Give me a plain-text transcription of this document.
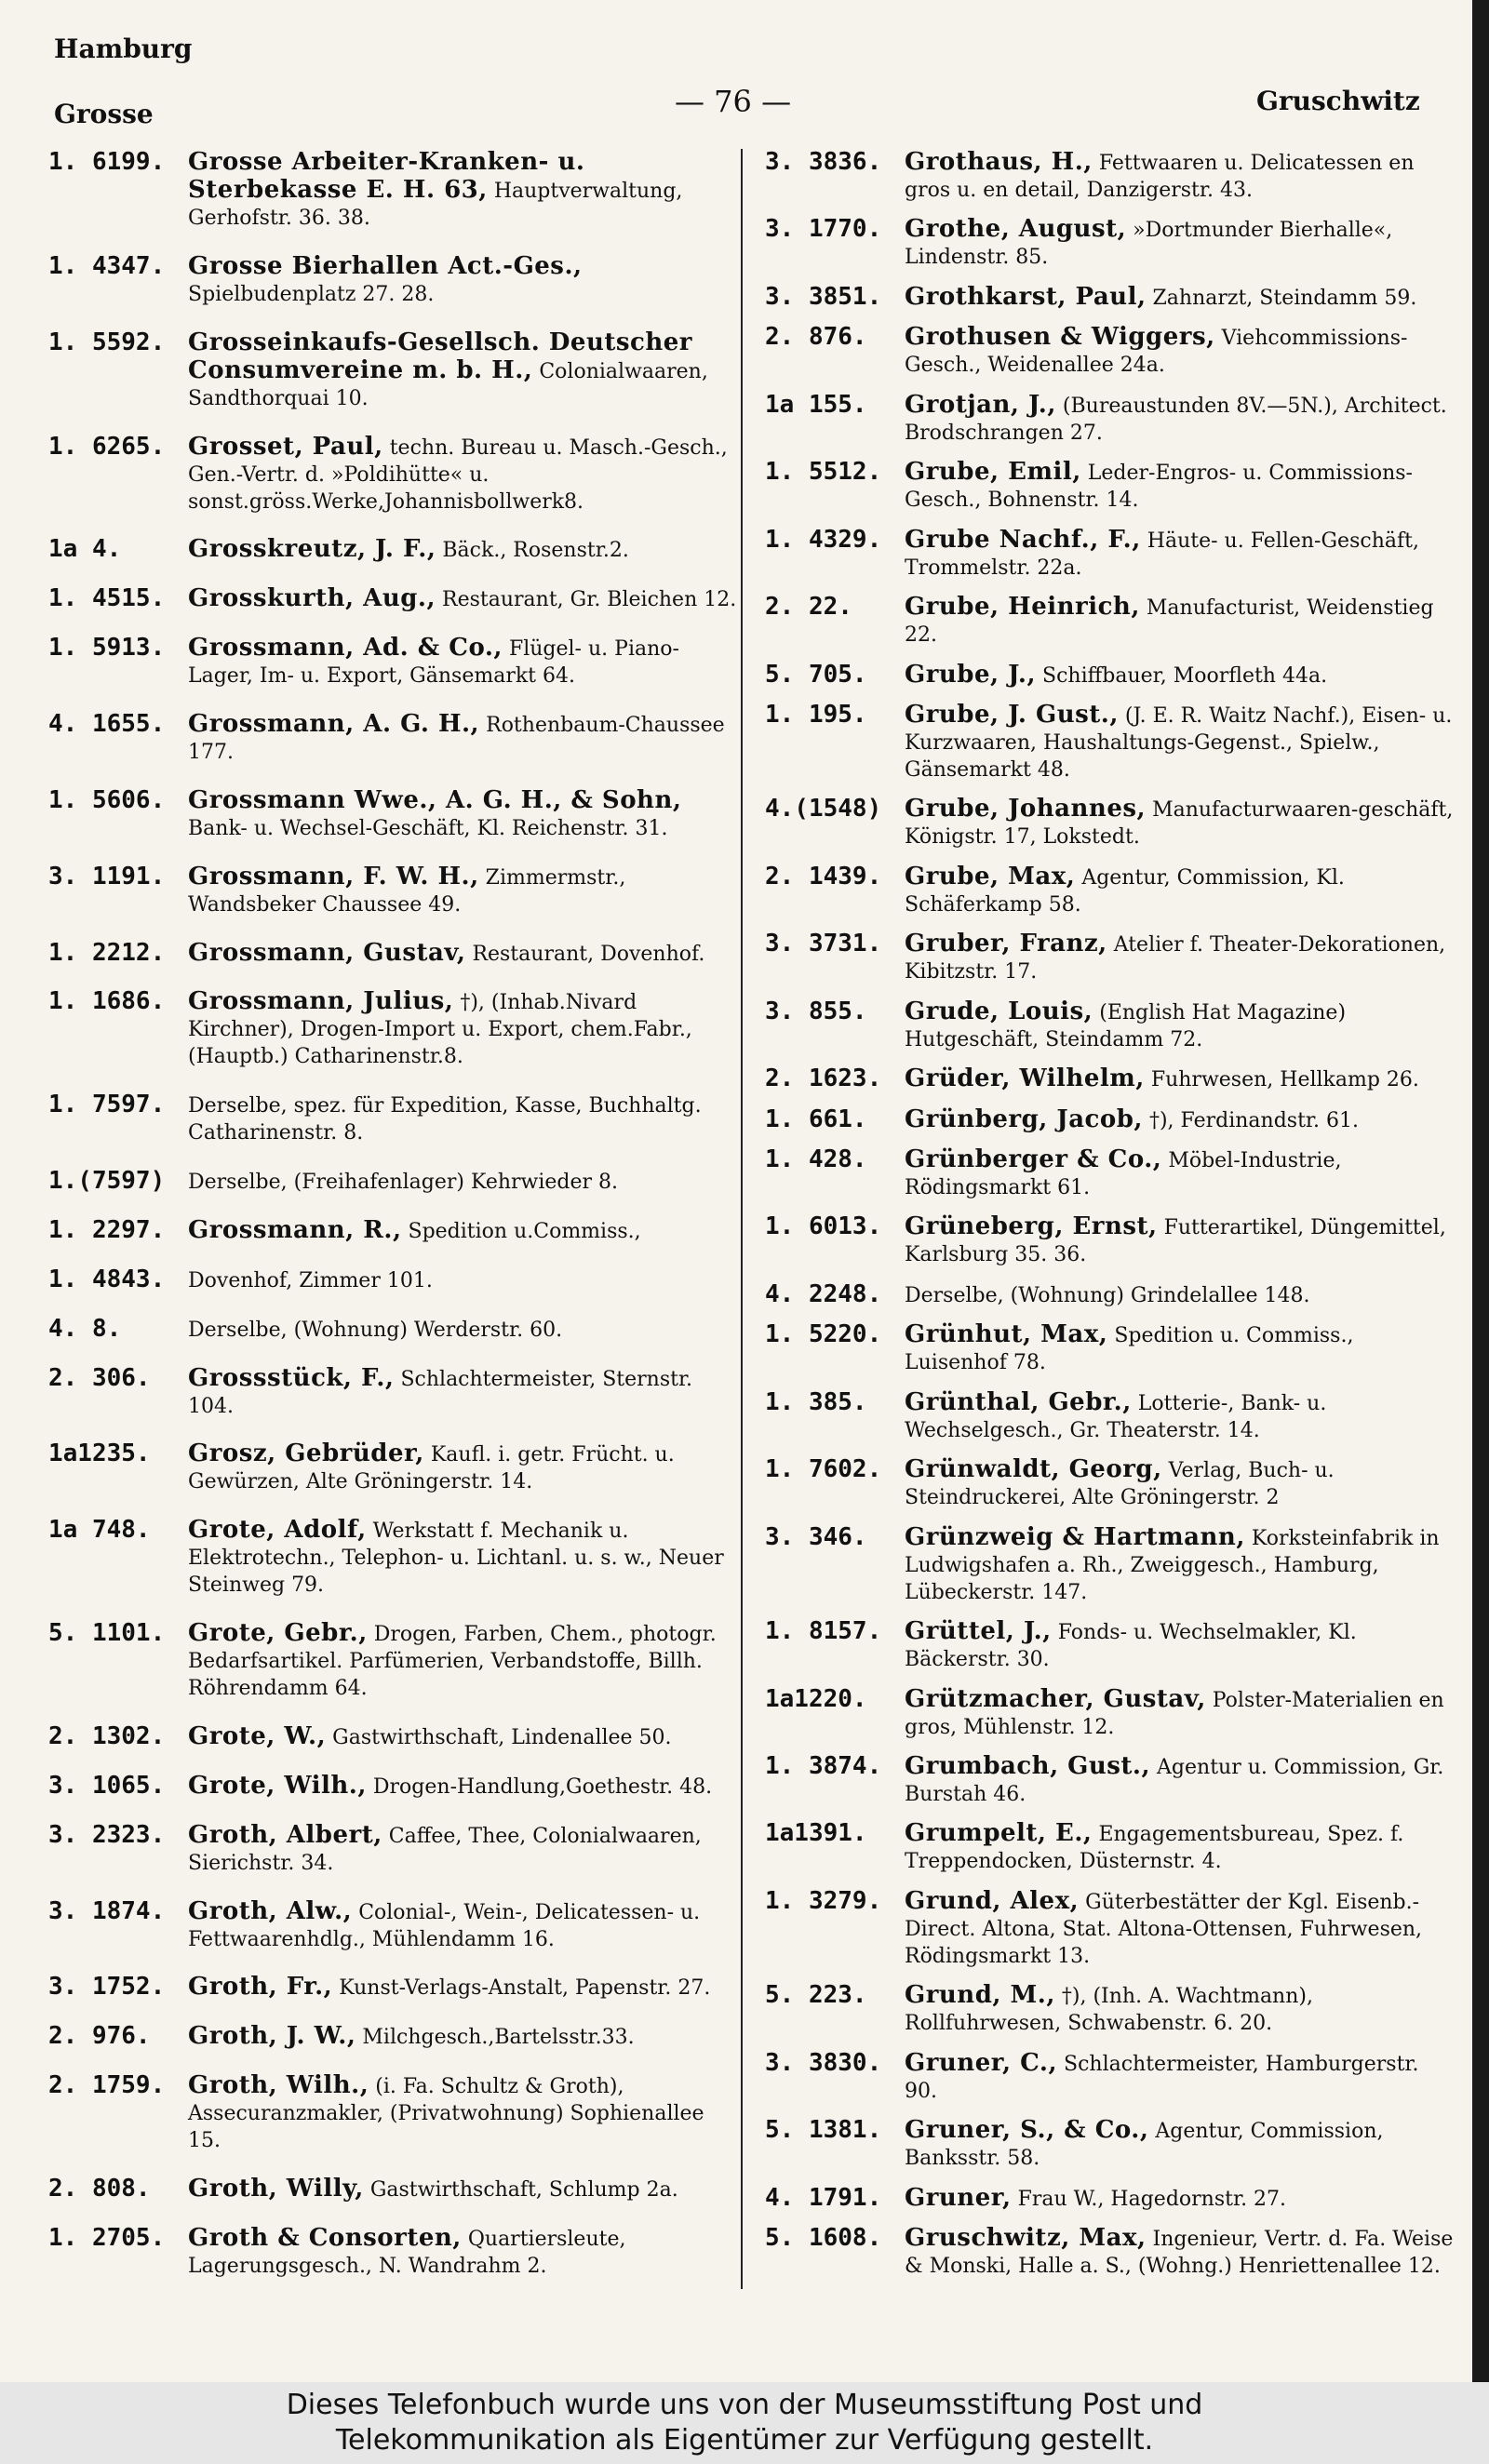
Hamburg
Grosse	— 76 —	Gruschwitz
1. 6199. Grosse Arbeiter-Kranken- u. Sterbekasse E. H. 63, Hauptverwaltung, Gerhofstr. 36. 38.
1. 4347. Grosse Bierhallen Act.-Ges., Spielbudenplatz 27. 28.
1. 5592. Grosseinkaufs-Gesellsch. Deutscher Consumvereine m. b. H., Colonialwaaren, Sandthorquai 10.
1. 6265. Grosset, Paul, techn. Bureau u. Masch.-Gesch., Gen.-Vertr. d. »Poldihütte« u. sonst.gröss.Werke,Johannisbollwerk8.
1a 4.	Grosskreutz, J. F., Bäck., Rosenstr.2.
1. 4515. Grosskurth, Aug., Restaurant, Gr. Bleichen 12.
1. 5913. Grossmann, Ad. & Co., Flügel- u. Piano-Lager, Im- u. Export, Gänsemarkt 64.
4. 1655. Grossmann, A. G. H., Rothenbaum-Chaussee 177.
1. 5606. Grossmann Wwe., A. G. H., & Sohn, Bank- u. Wechsel-Geschäft, Kl. Reichenstr. 31.
3. 1191. Grossmann, F. W. H., Zimmermstr., Wandsbeker Chaussee 49.
1. 2212. Grossmann, Gustav, Restaurant, Dovenhof.
1. 1686. Grossmann, Julius, †), (Inhab.Nivard Kirchner), Drogen-Import u. Export, chem.Fabr.,(Hauptb.) Catharinenstr.8.
1. 7597.	Derselbe, spez. für Expedition, Kasse, Buchhaltg. Catharinenstr. 8.
1.(7597)	Derselbe, (Freihafenlager) Kehrwieder 8.
1. 2297. Grossmann, R., Spedition u.Commiss.,
1. 4843.	Dovenhof, Zimmer 101.
4. 8.	Derselbe, (Wohnung) Werderstr. 60.
2. 306.	Grossstück, F., Schlachtermeister, Sternstr. 104.
1a1235.	Grosz, Gebrüder, Kaufl. i. getr. Frücht. u. Gewürzen, Alte Gröningerstr. 14.
1a 748.	Grote, Adolf, Werkstatt f. Mechanik u. Elektrotechn., Telephon- u. Lichtanl. u. s. w., Neuer Steinweg 79.
5. 1101. Grote, Gebr., Drogen, Farben, Chem., photogr. Bedarfsartikel. Parfümerien, Verbandstoffe, Billh. Röhrendamm 64.
2. 1302. Grote, W., Gastwirthschaft, Lindenallee 50.
3. 1065. Grote, Wilh., Drogen-Handlung,Goethestr. 48.
3. 2323. Groth, Albert, Caffee, Thee, Colonialwaaren, Sierichstr. 34.
3. 1874. Groth, Alw., Colonial-, Wein-, Delicatessen- u. Fettwaarenhdlg., Mühlendamm 16.
3. 1752. Groth, Fr., Kunst-Verlags-Anstalt, Papenstr. 27.
2. 976.	Groth, J. W., Milchgesch.,Bartelsstr.33.
2. 1759. Groth, Wilh., (i. Fa. Schultz & Groth), Assecuranzmakler, (Privatwohnung) Sophienallee 15.
2. 808.	Groth, Willy, Gastwirthschaft, Schlump 2a.
1. 2705. Groth & Consorten, Quartiersleute, Lagerungsgesch., N. Wandrahm 2.
3. 3836. Grothaus, H., Fettwaaren u. Delicatessen en gros u. en detail, Danzigerstr. 43.
3. 1770. Grothe, August, »Dortmunder Bierhalle«, Lindenstr. 85.
3. 3851. Grothkarst, Paul, Zahnarzt, Steindamm 59.
2. 876.	Grothusen & Wiggers, Viehcommissions-Gesch., Weidenallee 24a.
1a 155.	Grotjan, J., (Bureaustunden 8V.—5N.), Architect. Brodschrangen 27.
1. 5512. Grube, Emil, Leder-Engros- u. Commissions-Gesch., Bohnenstr. 14.
1. 4329. Grube Nachf., F., Häute- u. Fellen-Geschäft, Trommelstr. 22a.
2. 22.	Grube, Heinrich, Manufacturist, Weidenstieg 22.
5. 705.	Grube, J., Schiffbauer, Moorfleth 44a.
1. 195.	Grube, J. Gust., (J. E. R. Waitz Nachf.), Eisen- u. Kurzwaaren, Haushaltungs-Gegenst., Spielw., Gänsemarkt 48.
4.(1548) Grube, Johannes, Manufacturwaaren-geschäft, Königstr. 17, Lokstedt.
2. 1439. Grube, Max, Agentur, Commission, Kl. Schäferkamp 58.
3. 3731. Gruber, Franz, Atelier f. Theater-Dekorationen, Kibitzstr. 17.
3. 855.	Grude, Louis, (English Hat Magazine) Hutgeschäft, Steindamm 72.
2. 1623. Grüder, Wilhelm, Fuhrwesen, Hellkamp 26.
1. 661.	Grünberg, Jacob, †), Ferdinandstr. 61.
1. 428.	Grünberger & Co., Möbel-Industrie, Rödingsmarkt 61.
1. 6013. Grüneberg, Ernst, Futterartikel, Düngemittel, Karlsburg 35. 36.
4. 2248.	Derselbe, (Wohnung) Grindelallee 148.
1. 5220. Grünhut, Max, Spedition u. Commiss., Luisenhof 78.
1. 385.	Grünthal, Gebr., Lotterie-, Bank- u. Wechselgesch., Gr. Theaterstr. 14.
1. 7602. Grünwaldt, Georg, Verlag, Buch- u. Steindruckerei, Alte Gröningerstr. 2
3. 346.	Grünzweig & Hartmann, Korksteinfabrik in Ludwigshafen a. Rh., Zweiggesch., Hamburg, Lübeckerstr. 147.
1. 8157. Grüttel, J., Fonds- u. Wechselmakler, Kl. Bäckerstr. 30.
1a1220.	Grützmacher, Gustav, Polster-Materialien en gros, Mühlenstr. 12.
1. 3874. Grumbach, Gust., Agentur u. Commission, Gr. Burstah 46.
1a1391.	Grumpelt, E., Engagementsbureau, Spez. f. Treppendocken, Düsternstr. 4.
1. 3279. Grund, Alex, Güterbestätter der Kgl. Eisenb.-Direct. Altona, Stat. Altona-Ottensen, Fuhrwesen, Rödingsmarkt 13.
5. 223.	Grund, M., †), (Inh. A. Wachtmann), Rollfuhrwesen, Schwabenstr. 6. 20.
3. 3830. Gruner, C., Schlachtermeister, Hamburgerstr. 90.
5. 1381. Gruner, S., & Co., Agentur, Commission, Banksstr. 58.
4. 1791. Gruner, Frau W., Hagedornstr. 27.
5. 1608. Gruschwitz, Max, Ingenieur, Vertr. d. Fa. Weise & Monski, Halle a. S., (Wohng.) Henriettenallee 12.
Dieses Telefonbuch wurde uns von der Museumsstiftung Post und
Telekommunikation als Eigentümer zur Verfügung gestellt.
